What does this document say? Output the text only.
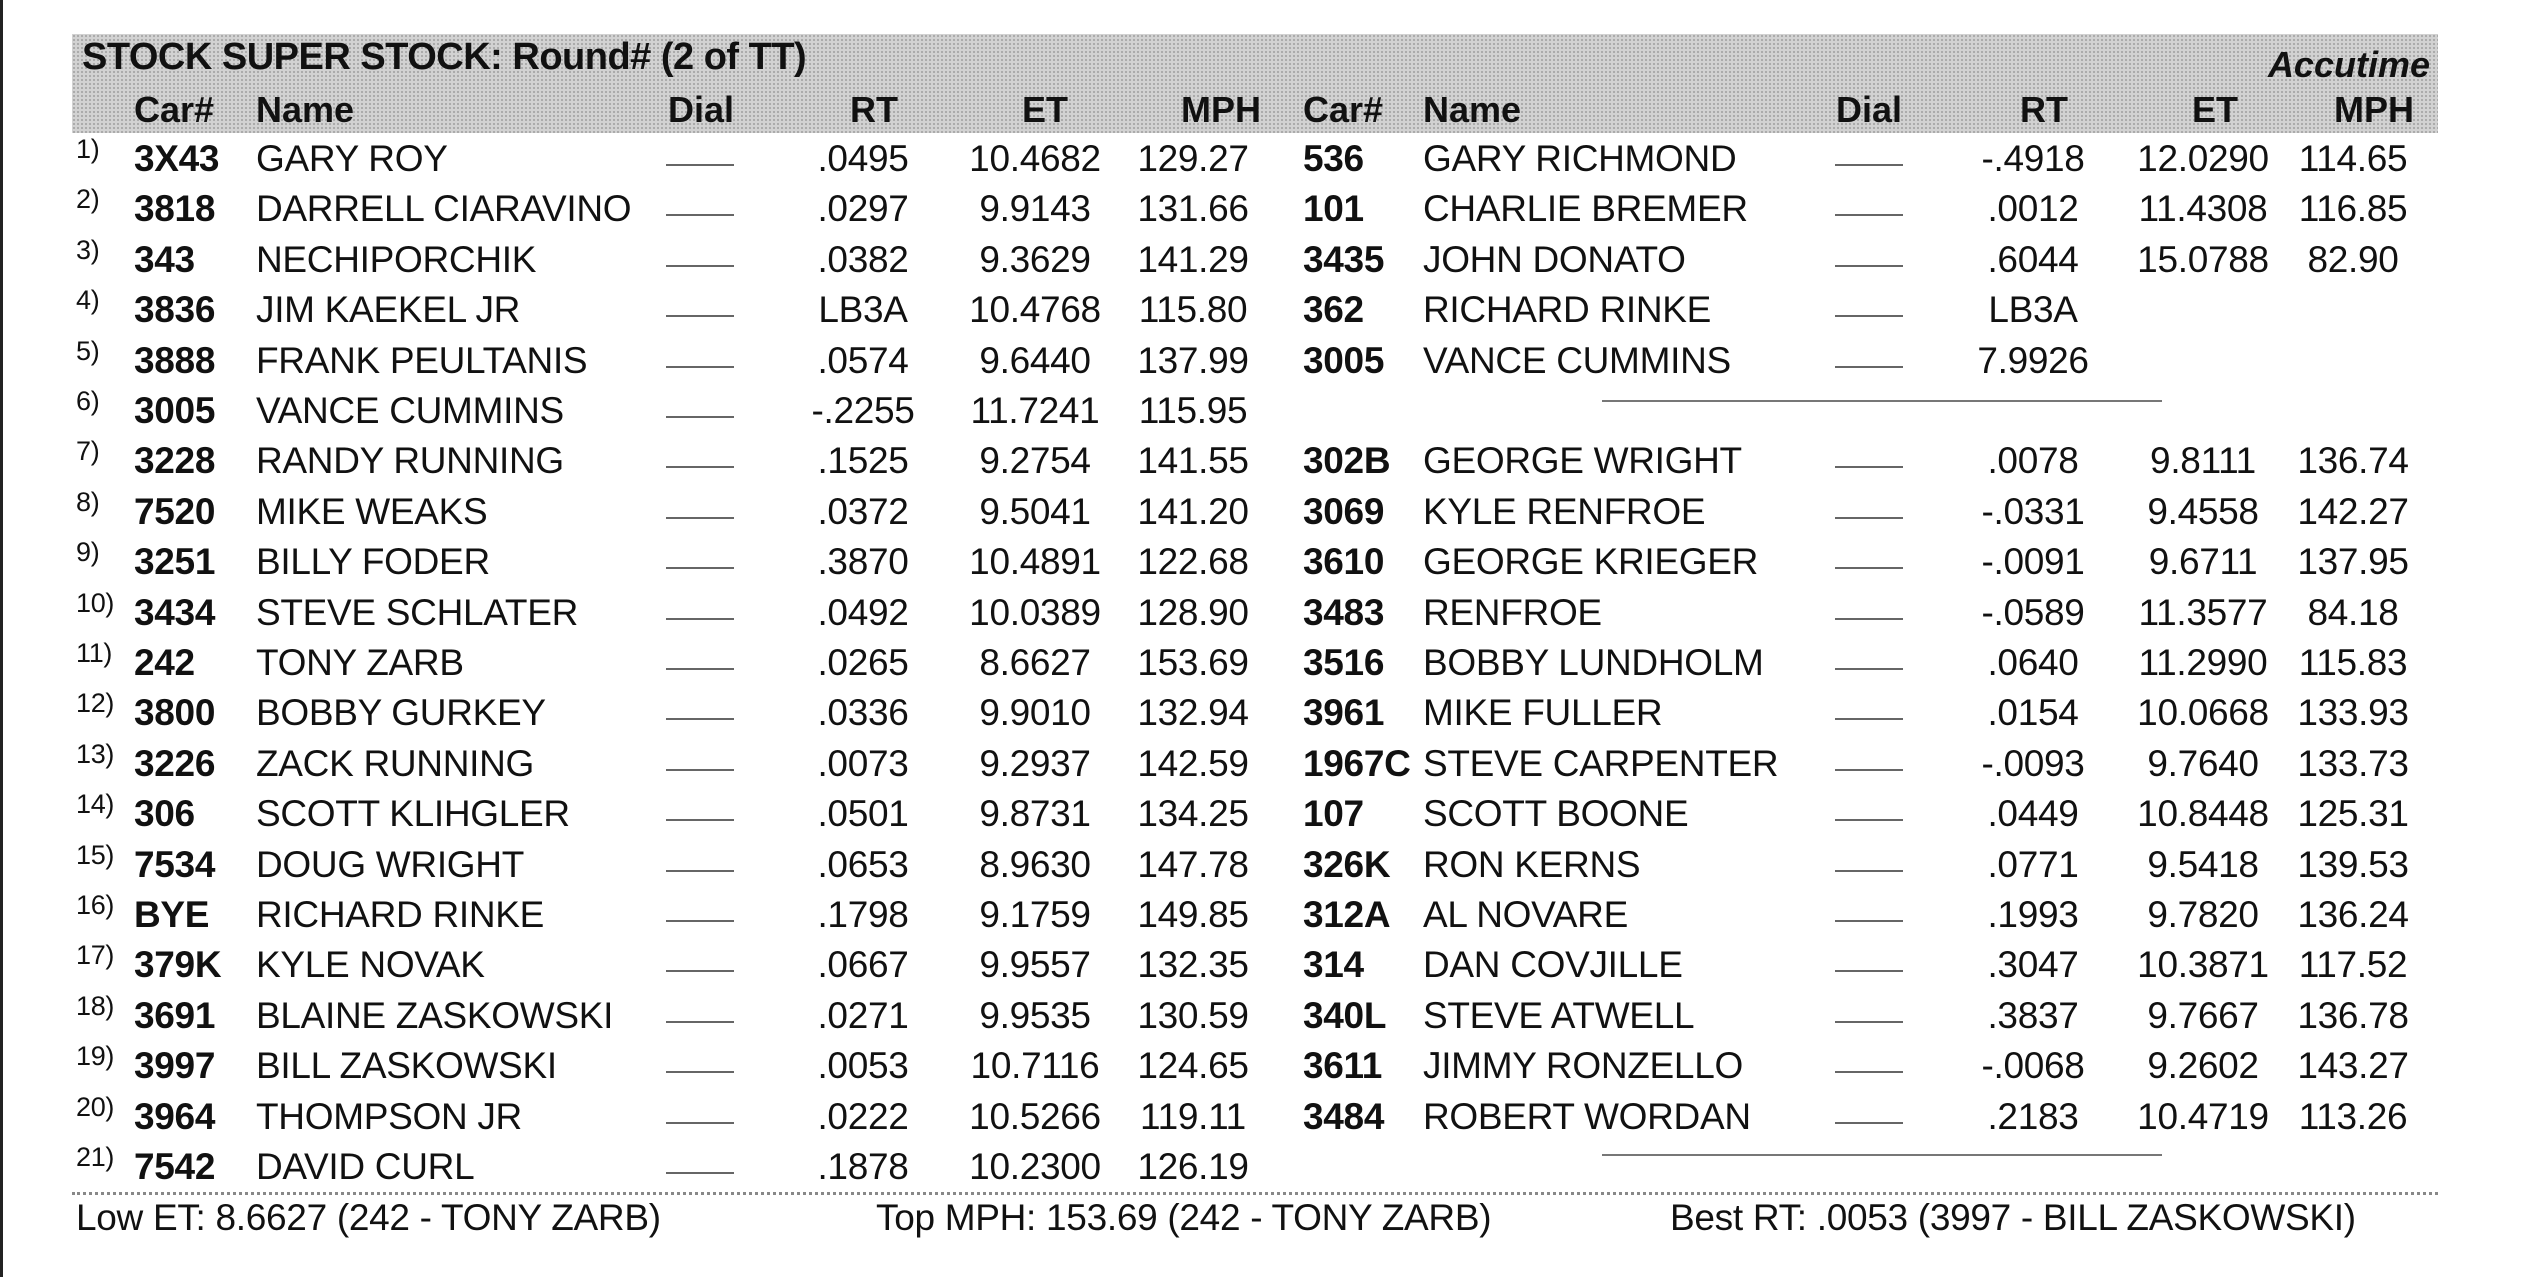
STOCK SUPER STOCK: Round# (2 of TT)	Accutime
Car# Name	Dial	RT	ET	MPH Car# Name	Dial	RT	ET	MPH
1) 3X43 GARY ROY	.0495	10.4682 129.27	536 GARY RICHMOND	-.4918	12.0290 114.65
2) 3818 DARRELL CIARAVINO	.0297	9.9143	131.66	101 CHARLIE BREMER	.0012	11.4308 116.85
3) 343 NECHIPORCHIK	.0382	9.3629	141.29	3435 JOHN DONATO	.6044	15.0788	82.90
4) 3836 JIM KAEKEL JR	LB3A	10.4768	115.80	362 RICHARD RINKE	LB3A
5) 3888 FRANK PEULTANIS	.0574	9.6440	137.99	3005 VANCE CUMMINS	7.9926
6) 3005 VANCE CUMMINS	-.2255	11.7241	115.95
7) 3228 RANDY RUNNING	.1525	9.2754	141.55	302B GEORGE WRIGHT	.0078	9.8111	136.74
8) 7520 MIKE WEAKS	.0372	9.5041	141.20	3069 KYLE RENFROE	-.0331	9.4558	142.27
9) 3251 BILLY FODER	.3870	10.4891 122.68	3610 GEORGE KRIEGER	-.0091	9.6711	137.95
10) 3434 STEVE SCHLATER	.0492	10.0389 128.90	3483 RENFROE	-.0589	11.3577	84.18
11) 242 TONY ZARB	.0265	8.6627	153.69	3516 BOBBY LUNDHOLM	.0640	11.2990 115.83
12) 3800 BOBBY GURKEY	.0336	9.9010	132.94	3961 MIKE FULLER	.0154	10.0668 133.93
13) 3226 ZACK RUNNING	.0073	9.2937	142.59	1967C STEVE CARPENTER	-.0093	9.7640	133.73
14) 306 SCOTT KLIHGLER	.0501	9.8731	134.25	107 SCOTT BOONE	.0449	10.8448 125.31
15) 7534 DOUG WRIGHT	.0653	8.9630	147.78	326K RON KERNS	.0771	9.5418	139.53
16) BYE RICHARD RINKE	.1798	9.1759	149.85	312A AL NOVARE	.1993	9.7820	136.24
17) 379K KYLE NOVAK	.0667	9.9557	132.35	314 DAN COVJILLE	.3047	10.3871 117.52
18) 3691 BLAINE ZASKOWSKI	.0271	9.9535	130.59	340L STEVE ATWELL	.3837	9.7667	136.78
19) 3997 BILL ZASKOWSKI	.0053	10.7116	124.65	3611 JIMMY RONZELLO	-.0068	9.2602	143.27
20) 3964 THOMPSON JR	.0222	10.5266	119.11	3484 ROBERT WORDAN	.2183	10.4719 113.26
21) 7542 DAVID CURL	.1878	10.2300 126.19
Low ET: 8.6627 (242 - TONY ZARB)	Top MPH: 153.69 (242 - TONY ZARB)	Best RT: .0053 (3997 - BILL ZASKOWSKI)
